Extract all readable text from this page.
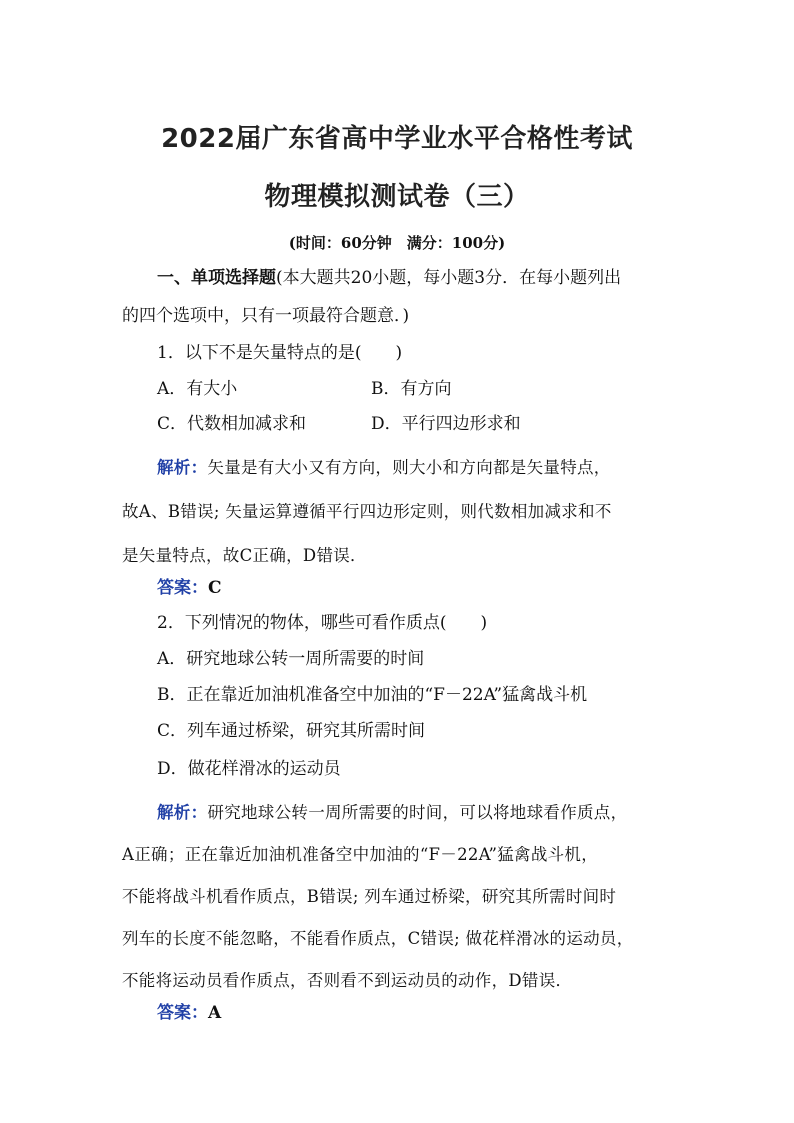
2022届广东省高中学业水平合格性考试
物理模拟测试卷（三）
(时间：60分钟　满分：100分)
一、单项选择题(本大题共20小题，每小题3分．在每小题列出
的四个选项中，只有一项最符合题意．)
1．以下不是矢量特点的是(　　)
A．有大小	B．有方向
C．代数相加减求和	D．平行四边形求和
解析：矢量是有大小又有方向，则大小和方向都是矢量特点，
故A、B错误; 矢量运算遵循平行四边形定则，则代数相加减求和不
是矢量特点，故C正确，D错误．
答案：C
2．下列情况的物体，哪些可看作质点(　　)
A．研究地球公转一周所需要的时间
B．正在靠近加油机准备空中加油的“F－22A”猛禽战斗机
C．列车通过桥梁，研究其所需时间
D．做花样滑冰的运动员
解析：研究地球公转一周所需要的时间，可以将地球看作质点，
A正确；正在靠近加油机准备空中加油的“F－22A”猛禽战斗机，
不能将战斗机看作质点，B错误; 列车通过桥梁，研究其所需时间时
列车的长度不能忽略，不能看作质点，C错误; 做花样滑冰的运动员，
不能将运动员看作质点，否则看不到运动员的动作，D错误．
答案：A
